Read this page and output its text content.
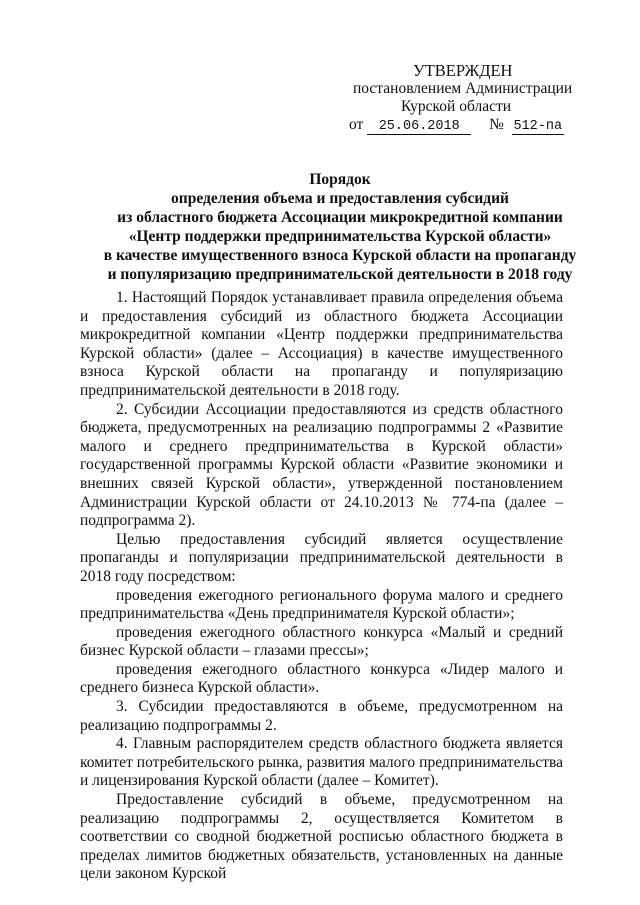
УТВЕРЖДЕН
постановлением Администрации
Курской области
от 25.06.2018 № 512-па
Порядок
определения объема и предоставления субсидий
из областного бюджета Ассоциации микрокредитной компании
«Центр поддержки предпринимательства Курской области»
в качестве имущественного взноса Курской области на пропаганду
и популяризацию предпринимательской деятельности в 2018 году

1. Настоящий Порядок устанавливает правила определения объема и предоставления субсидий из областного бюджета Ассоциации микрокредитной компании «Центр поддержки предпринимательства Курской области» (далее – Ассоциация) в качестве имущественного взноса Курской области на пропаганду и популяризацию предпринимательской деятельности в 2018 году.

2. Субсидии Ассоциации предоставляются из средств областного бюджета, предусмотренных на реализацию подпрограммы 2 «Развитие малого и среднего предпринимательства в Курской области» государственной программы Курской области «Развитие экономики и внешних связей Курской области», утвержденной постановлением Администрации Курской области от 24.10.2013 № 774-па (далее – подпрограмма 2).

Целью предоставления субсидий является осуществление пропаганды и популяризации предпринимательской деятельности в 2018 году посредством:

проведения ежегодного регионального форума малого и среднего предпринимательства «День предпринимателя Курской области»;

проведения ежегодного областного конкурса «Малый и средний бизнес Курской области – глазами прессы»;

проведения ежегодного областного конкурса «Лидер малого и среднего бизнеса Курской области».

3. Субсидии предоставляются в объеме, предусмотренном на реализацию подпрограммы 2.

4. Главным распорядителем средств областного бюджета является комитет потребительского рынка, развития малого предпринимательства и лицензирования Курской области (далее – Комитет).

Предоставление субсидий в объеме, предусмотренном на реализацию подпрограммы 2, осуществляется Комитетом в соответствии со сводной бюджетной росписью областного бюджета в пределах лимитов бюджетных обязательств, установленных на данные цели законом Курской
